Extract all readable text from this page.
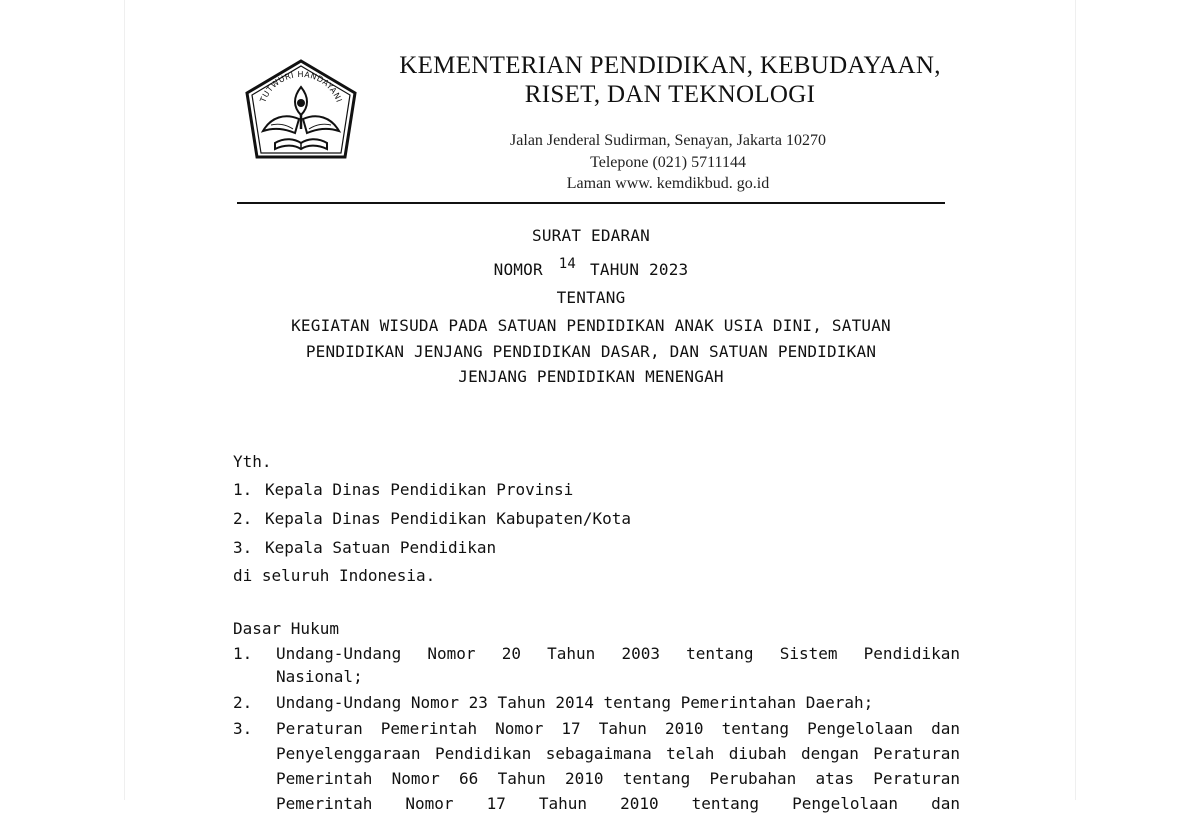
TUTWURI HANDAYANI
KEMENTERIAN PENDIDIKAN, KEBUDAYAAN,
RISET, DAN TEKNOLOGI
Jalan Jenderal Sudirman, Senayan, Jakarta 10270
Telepone (021) 5711144
Laman www. kemdikbud. go.id
SURAT EDARAN
NOMOR 14 TAHUN 2023
TENTANG
KEGIATAN WISUDA PADA SATUAN PENDIDIKAN ANAK USIA DINI, SATUAN
PENDIDIKAN JENJANG PENDIDIKAN DASAR, DAN SATUAN PENDIDIKAN
JENJANG PENDIDIKAN MENENGAH
Yth.
1. Kepala Dinas Pendidikan Provinsi
2. Kepala Dinas Pendidikan Kabupaten/Kota
3. Kepala Satuan Pendidikan
di seluruh Indonesia.
Dasar Hukum
1. Undang-Undang Nomor 20 Tahun 2003 tentang Sistem Pendidikan
Nasional;
2. Undang-Undang Nomor 23 Tahun 2014 tentang Pemerintahan Daerah;
3. Peraturan Pemerintah Nomor 17 Tahun 2010 tentang Pengelolaan dan
Penyelenggaraan Pendidikan sebagaimana telah diubah dengan Peraturan
Pemerintah Nomor 66 Tahun 2010 tentang Perubahan atas Peraturan
Pemerintah Nomor 17 Tahun 2010 tentang Pengelolaan dan
